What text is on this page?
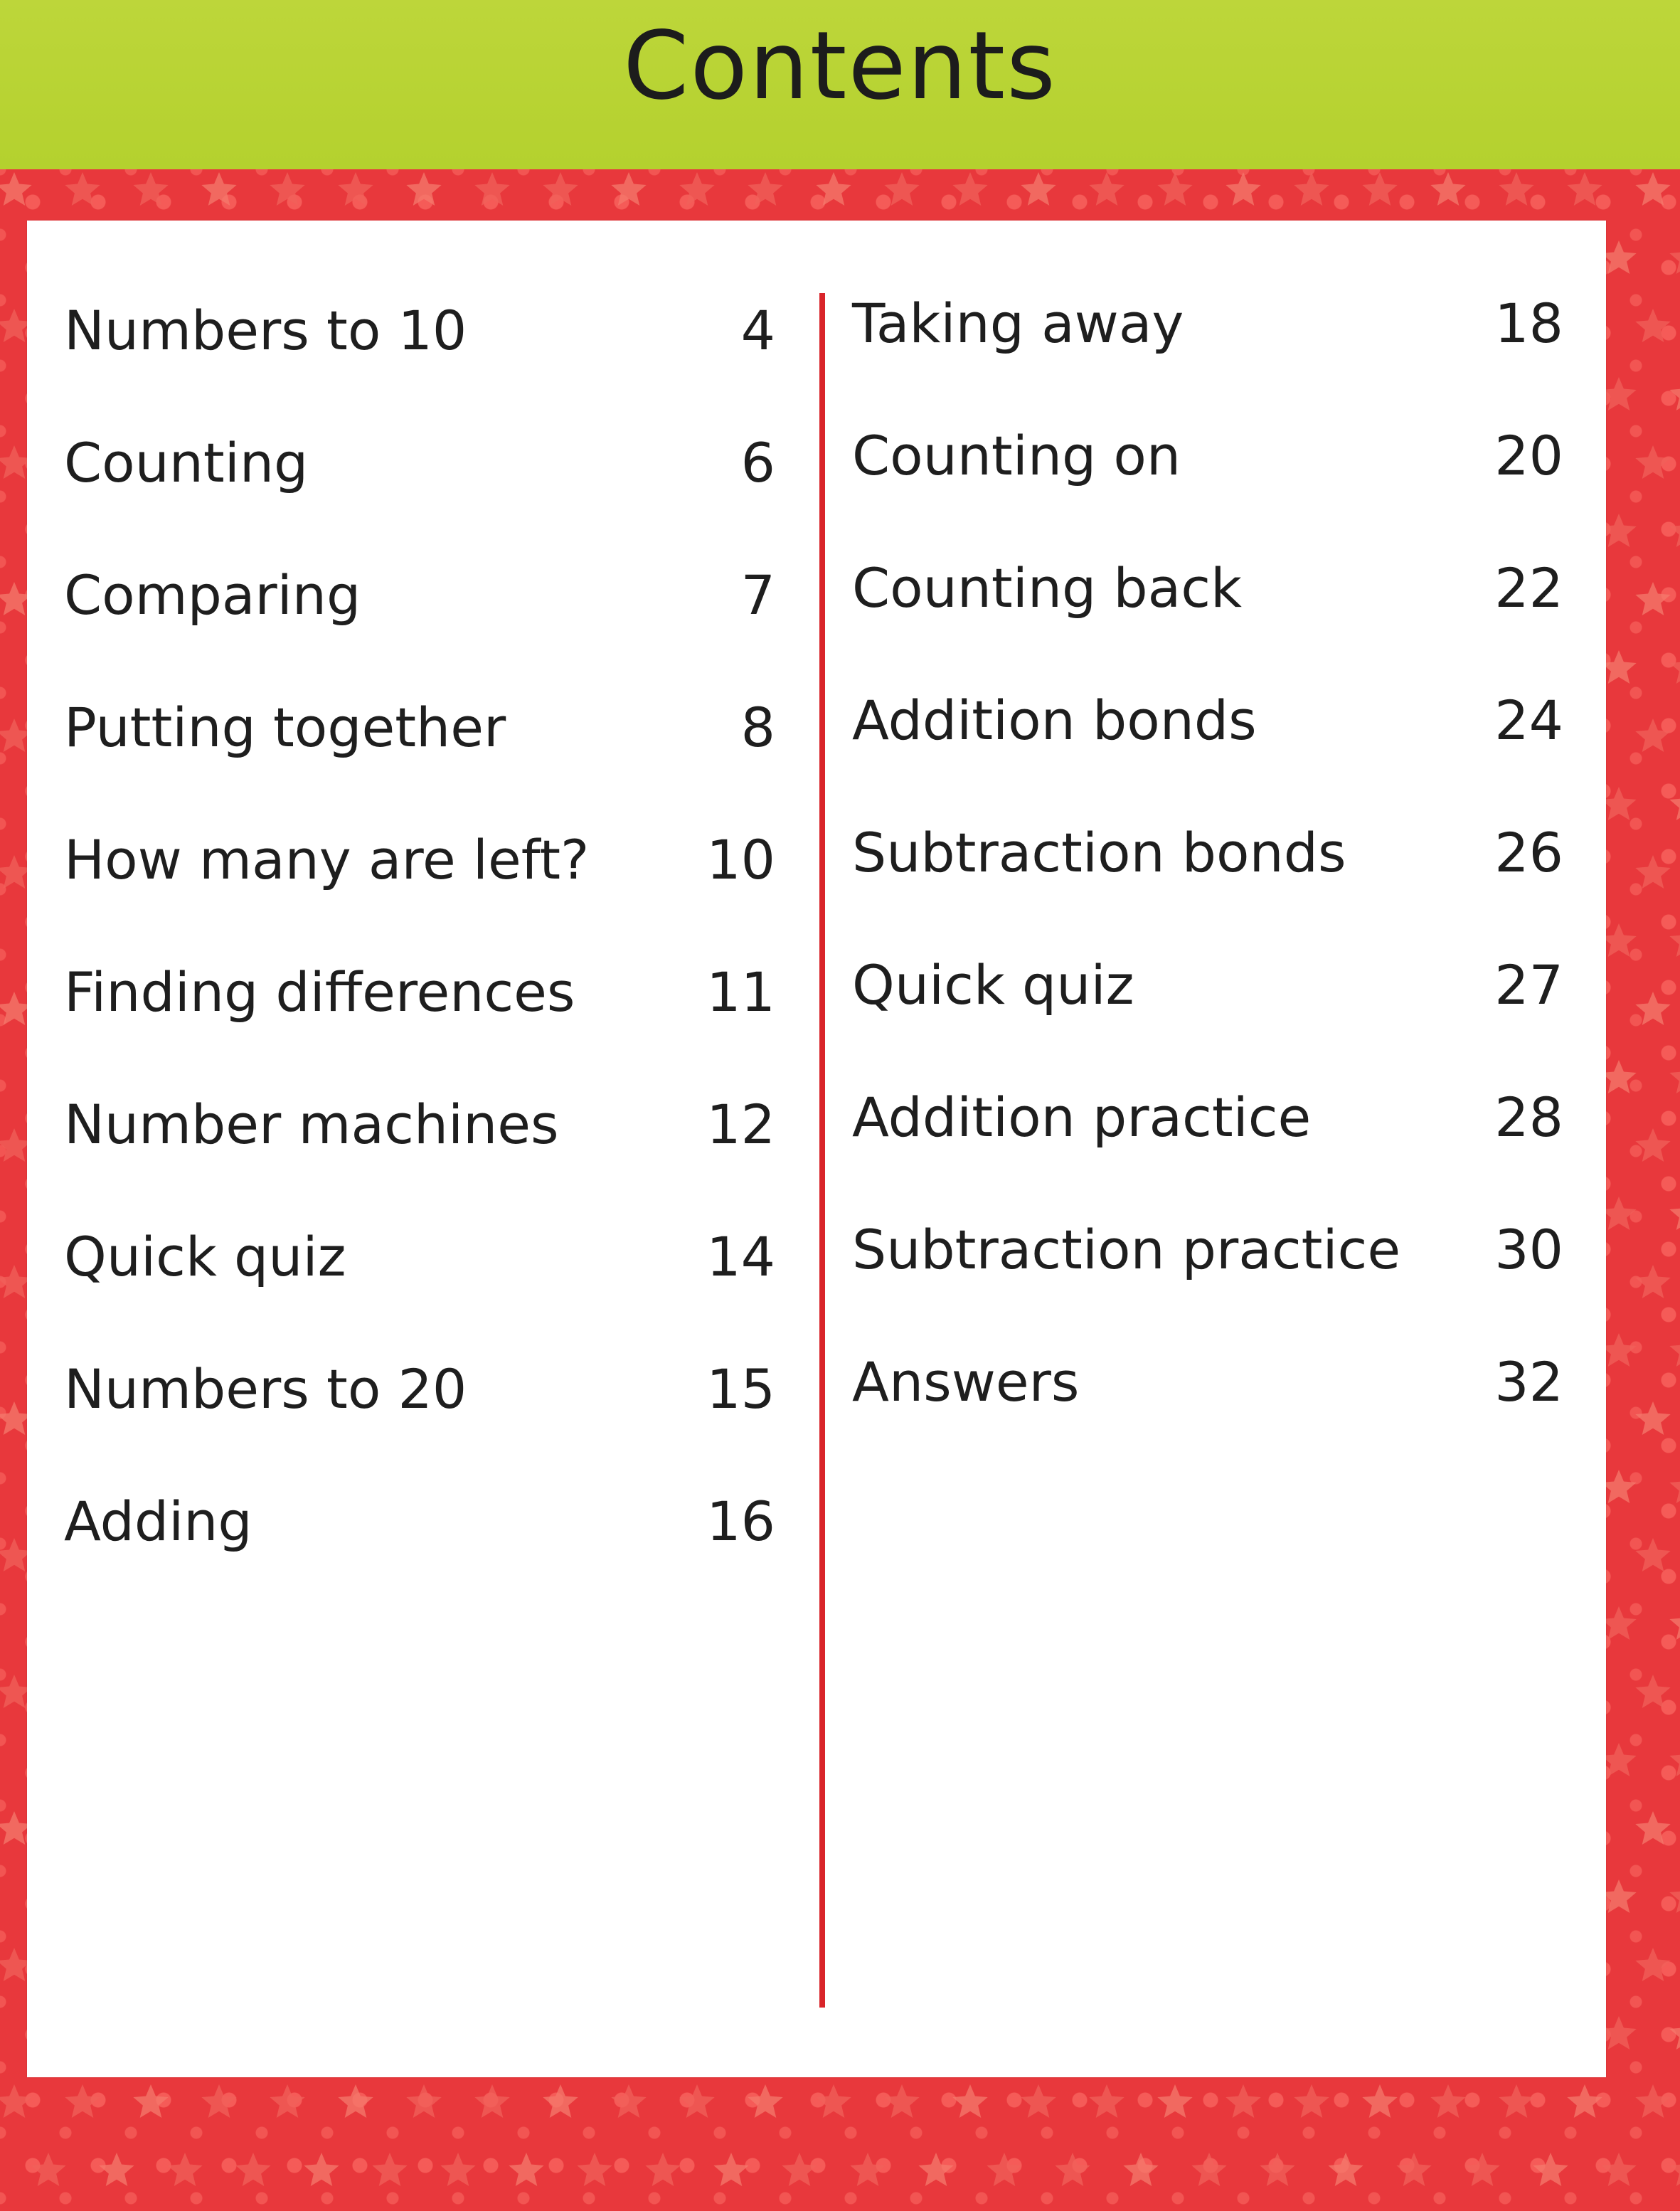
Contents
Numbers to 10	4
Counting	6
Comparing	7
Putting together	8
How many are left? 10
Finding differences 11
Number machines	12
Quick quiz	14
Numbers to 20	15
Adding	16
Taking away	18
Counting on	20
Counting back	22
Addition bonds	24
Subtraction bonds	26
Quick quiz	27
Addition practice	28
Subtraction practice 30
Answers	32
